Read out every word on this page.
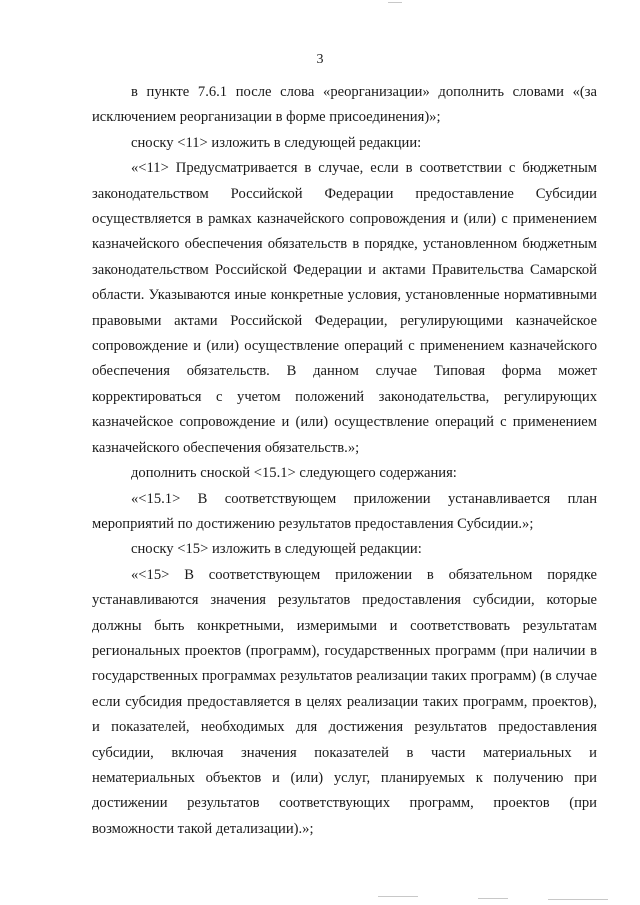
3

в пункте 7.6.1 после слова «реорганизации» дополнить словами «(за исключением реорганизации в форме присоединения)»;

сноску <11> изложить в следующей редакции:

«<11> Предусматривается в случае, если в соответствии с бюджетным законодательством Российской Федерации предоставление Субсидии осуществляется в рамках казначейского сопровождения и (или) с применением казначейского обеспечения обязательств в порядке, установленном бюджетным законодательством Российской Федерации и актами Правительства Самарской области. Указываются иные конкретные условия, установленные нормативными правовыми актами Российской Федерации, регулирующими казначейское сопровождение и (или) осуществление операций с применением казначейского обеспечения обязательств. В данном случае Типовая форма может корректироваться с учетом положений законодательства, регулирующих казначейское сопровождение и (или) осуществление операций с применением казначейского обеспечения обязательств.»;

дополнить сноской <15.1> следующего содержания:

«<15.1> В соответствующем приложении устанавливается план мероприятий по достижению результатов предоставления Субсидии.»;

сноску <15> изложить в следующей редакции:

«<15> В соответствующем приложении в обязательном порядке устанавливаются значения результатов предоставления субсидии, которые должны быть конкретными, измеримыми и соответствовать результатам региональных проектов (программ), государственных программ (при наличии в государственных программах результатов реализации таких программ) (в случае если субсидия предоставляется в целях реализации таких программ, проектов), и показателей, необходимых для достижения результатов предоставления субсидии, включая значения показателей в части материальных и нематериальных объектов и (или) услуг, планируемых к получению при достижении результатов соответствующих программ, проектов (при возможности такой детализации).»;
